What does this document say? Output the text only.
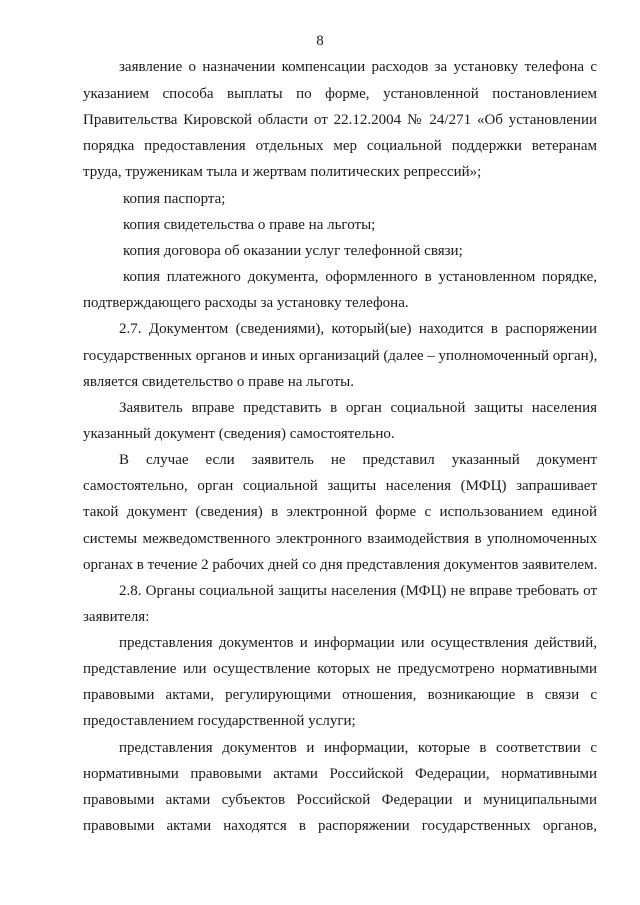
8
заявление о назначении компенсации расходов за установку телефона с
указанием способа выплаты по форме, установленной постановлением
Правительства Кировской области от 22.12.2004 № 24/271 «Об установлении
порядка предоставления отдельных мер социальной поддержки ветеранам
труда, труженикам тыла и жертвам политических репрессий»;
копия паспорта;
копия свидетельства о праве на льготы;
копия договора об оказании услуг телефонной связи;
копия платежного документа, оформленного в установленном порядке,
подтверждающего расходы за установку телефона.
2.7. Документом (сведениями), который(ые) находится в распоряжении
государственных органов и иных организаций (далее – уполномоченный орган),
является свидетельство о праве на льготы.
Заявитель вправе представить в орган социальной защиты населения
указанный документ (сведения) самостоятельно.
В случае если заявитель не представил указанный документ
самостоятельно, орган социальной защиты населения (МФЦ) запрашивает
такой документ (сведения) в электронной форме с использованием единой
системы межведомственного электронного взаимодействия в уполномоченных
органах в течение 2 рабочих дней со дня представления документов заявителем.
2.8. Органы социальной защиты населения (МФЦ) не вправе требовать от
заявителя:
представления документов и информации или осуществления действий,
представление или осуществление которых не предусмотрено нормативными
правовыми актами, регулирующими отношения, возникающие в связи с
предоставлением государственной услуги;
представления документов и информации, которые в соответствии с
нормативными правовыми актами Российской Федерации, нормативными
правовыми актами субъектов Российской Федерации и муниципальными
правовыми актами находятся в распоряжении государственных органов,
